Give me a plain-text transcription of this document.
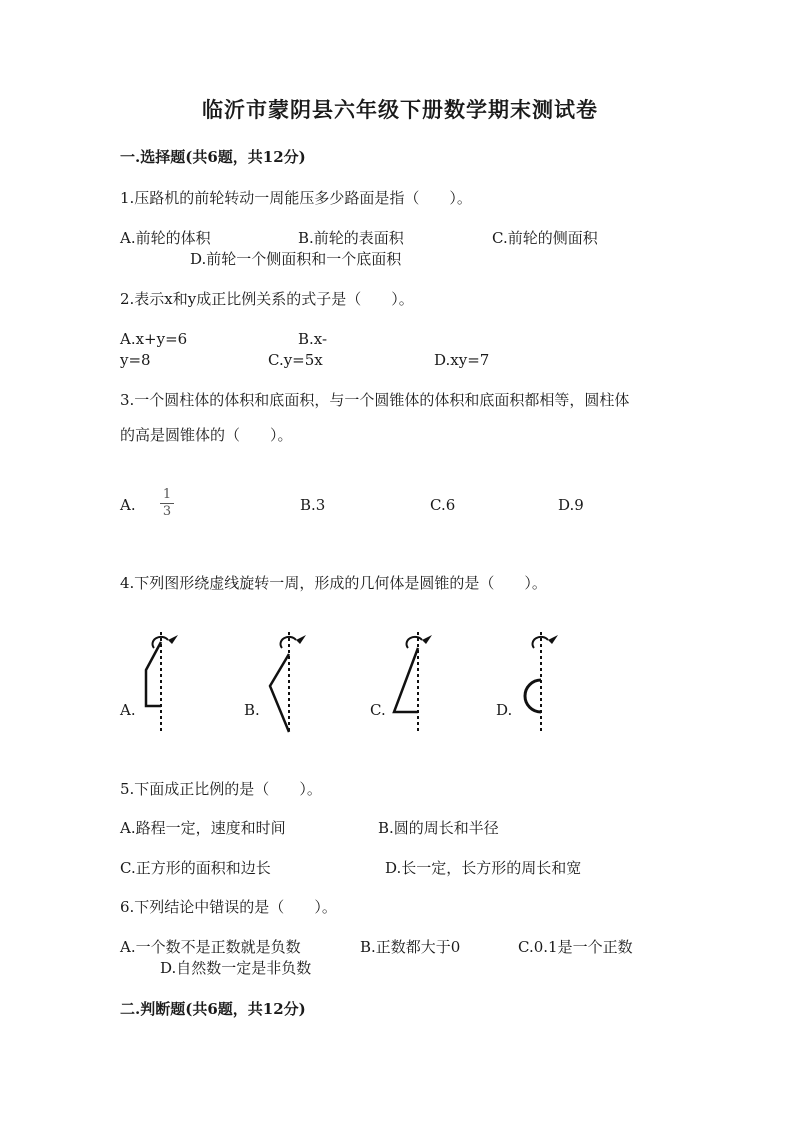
临沂市蒙阴县六年级下册数学期末测试卷
一.选择题(共6题，共12分)
1.压路机的前轮转动一周能压多少路面是指（　　）。
A.前轮的体积	B.前轮的表面积	C.前轮的侧面积
D.前轮一个侧面积和一个底面积
2.表示x和y成正比例关系的式子是（　　）。
A.x+y=6	B.x-
y=8	C.y=5x	D.xy=7
3.一个圆柱体的体积和底面积，与一个圆锥体的体积和底面积都相等，圆柱体
的高是圆锥体的（　　）。
A.
1
3	B.3	C.6	D.9
4.下列图形绕虚线旋转一周，形成的几何体是圆锥的是（　　）。
A.	B.	C.	D.
5.下面成正比例的是（　　）。
A.路程一定，速度和时间	B.圆的周长和半径
C.正方形的面积和边长	D.长一定，长方形的周长和宽
6.下列结论中错误的是（　　）。
A.一个数不是正数就是负数	B.正数都大于0	C.0.1是一个正数
D.自然数一定是非负数
二.判断题(共6题，共12分)
